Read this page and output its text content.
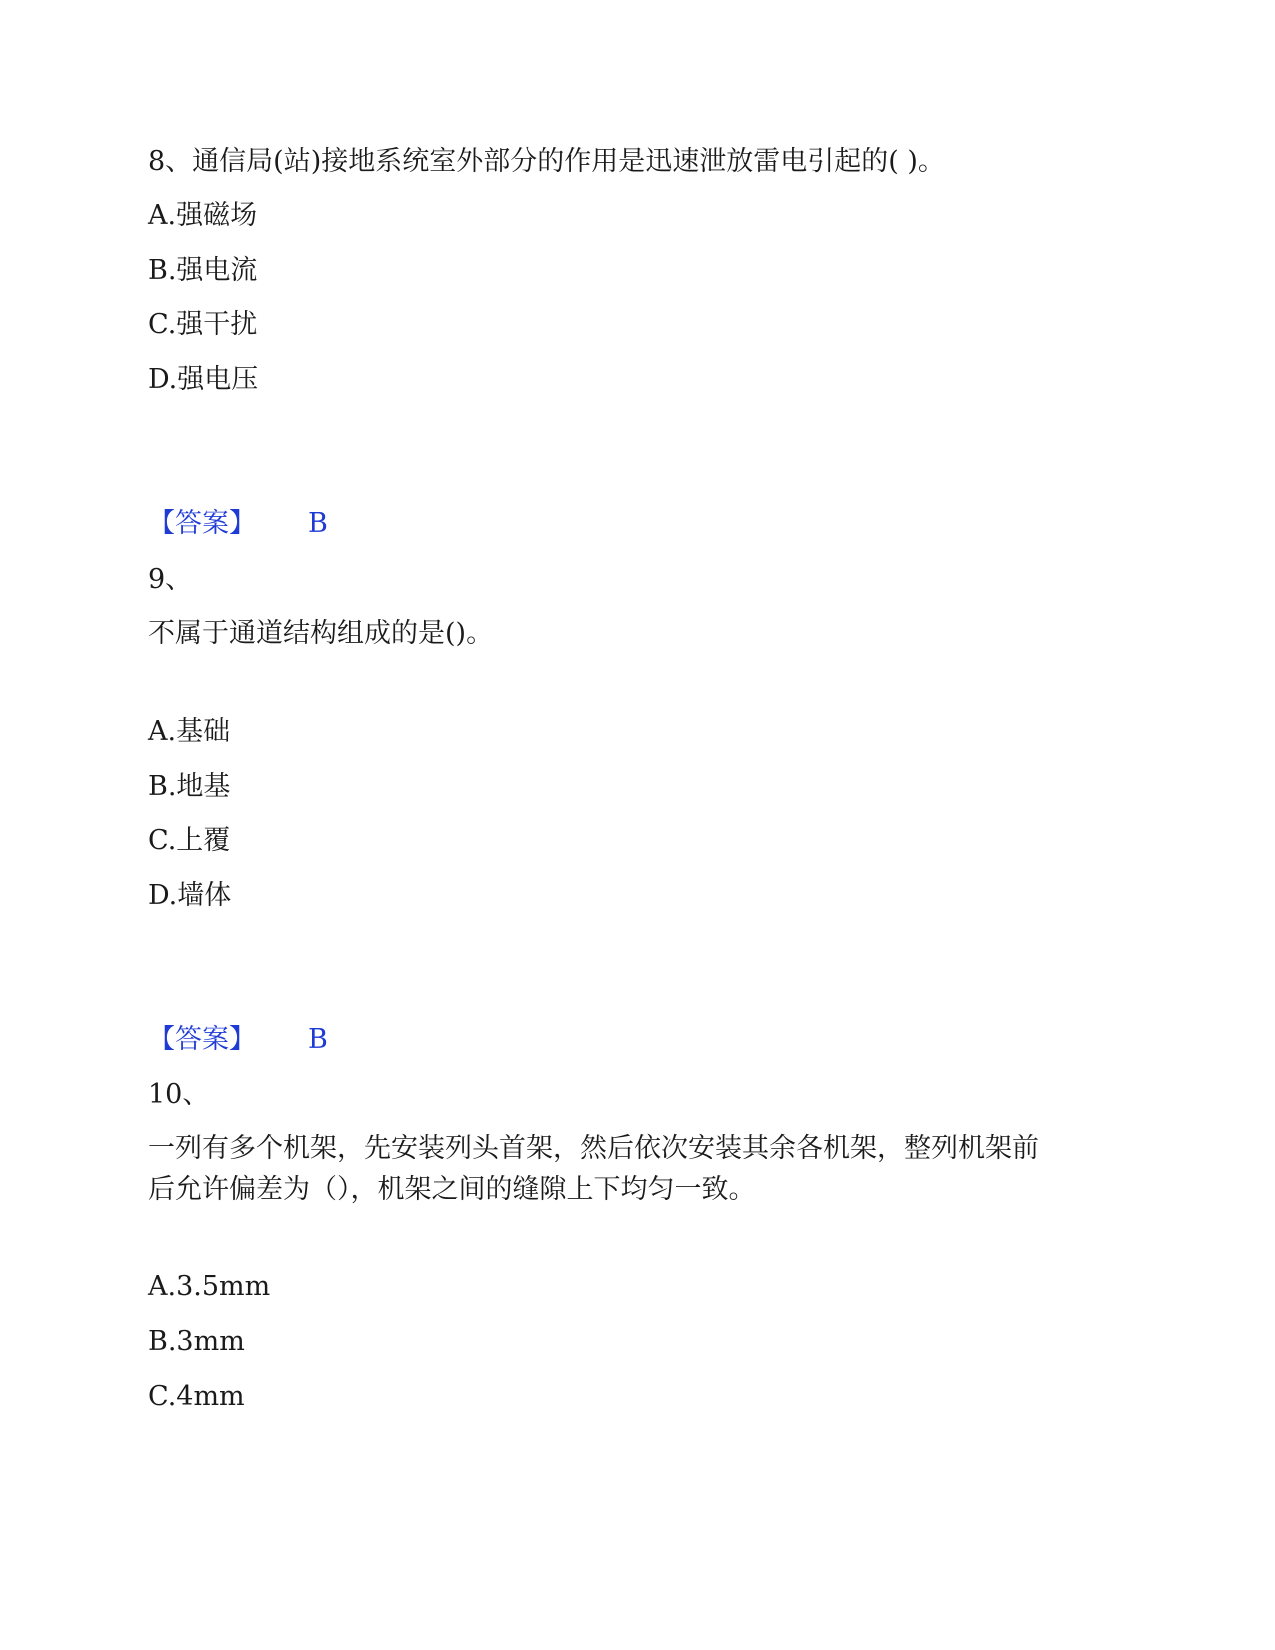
8、通信局(站)接地系统室外部分的作用是迅速泄放雷电引起的( )。

A.强磁场

B.强电流

C.强干扰

D.强电压

【答案】 B

9、

不属于通道结构组成的是()。

A.基础

B.地基

C.上覆

D.墙体

【答案】 B

10、

一列有多个机架，先安装列头首架，然后依次安装其余各机架，整列机架前

后允许偏差为（），机架之间的缝隙上下均匀一致。

A.3.5mm

B.3mm

C.4mm
